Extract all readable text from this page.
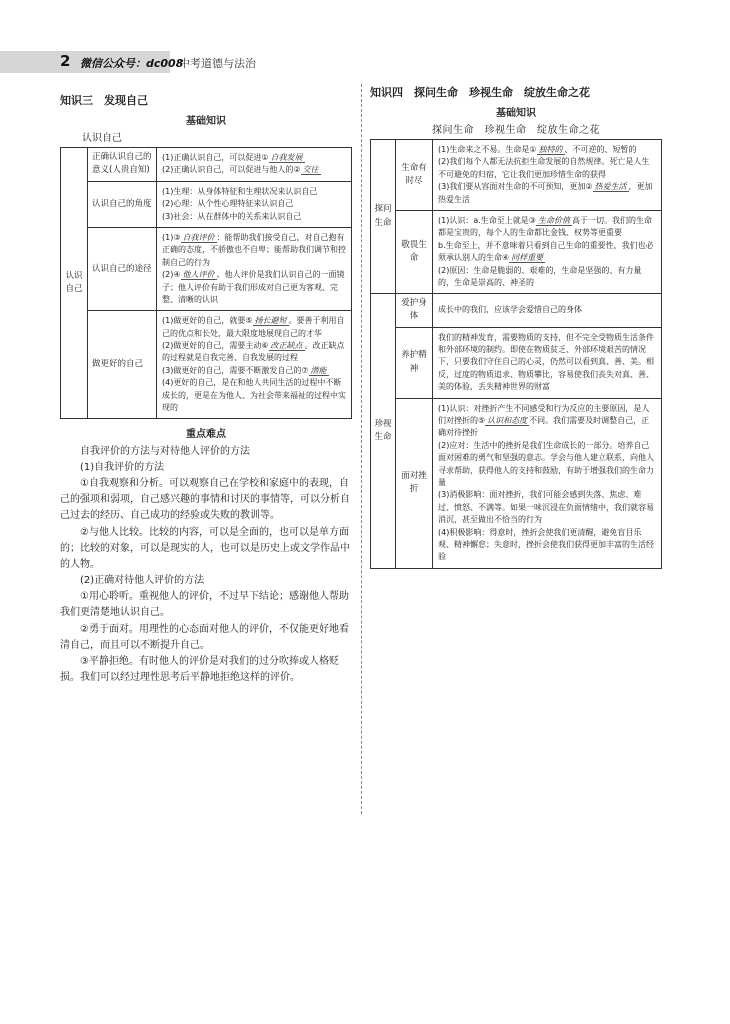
2 微信公众号：dc008
中考道德与法治

知识三　发现自己

基础知识

认识自己

认识自己	正确认识自己的意义(人贵自知)	(1)正确认识自己，可以促进① 自我发展
(2)正确认识自己，可以促进与他人的② 交往

	认识自己的角度	(1)生理：从身体特征和生理状况来认识自己
(2)心理：从个性心理特征来认识自己
(3)社会：从在群体中的关系来认识自己

	认识自己的途径	(1)③ 自我评价 ：能帮助我们接受自己，对自己抱有正确的态度，不骄傲也不自卑；能帮助我们调节和控制自己的行为
(2)④ 他人评价 。他人评价是我们认识自己的一面镜子；他人评价有助于我们形成对自己更为客观、完整、清晰的认识

	做更好的自己	(1)做更好的自己，就要⑤ 扬长避短 。要善于利用自己的优点和长处，最大限度地展现自己的才华
(2)做更好的自己，需要主动⑥ 改正缺点 。改正缺点的过程就是自我完善、自我发展的过程
(3)做更好的自己，需要不断激发自己的⑦ 潜能
(4)更好的自己，是在和他人共同生活的过程中不断成长的，更是在为他人、为社会带来福祉的过程中实现的

重点难点

自我评价的方法与对待他人评价的方法

(1)自我评价的方法

①自我观察和分析。可以观察自己在学校和家庭中的表现，自己的强项和弱项，自己感兴趣的事情和讨厌的事情等，可以分析自己过去的经历、自己成功的经验或失败的教训等。

②与他人比较。比较的内容，可以是全面的，也可以是单方面的；比较的对象，可以是现实的人，也可以是历史上或文学作品中的人物。

(2)正确对待他人评价的方法

①用心聆听。重视他人的评价，不过早下结论；感谢他人帮助我们更清楚地认识自己。

②勇于面对。用理性的心态面对他人的评价，不仅能更好地看清自己，而且可以不断提升自己。

③平静拒绝。有时他人的评价是对我们的过分吹捧或人格贬损。我们可以经过理性思考后平静地拒绝这样的评价。

知识四　探问生命　珍视生命　绽放生命之花

基础知识

探问生命　珍视生命　绽放生命之花

探问生命	生命有时尽	(1)生命来之不易。生命是① 独特的 、不可逆的、短暂的
(2)我们每个人都无法抗拒生命发展的自然规律。死亡是人生不可避免的归宿，它让我们更加珍惜生命的获得
(3)我们要从容面对生命的不可预知，更加② 热爱生活 ，更加热爱生活

	敬畏生命	(1)认识：a.生命至上就是③ 生命价值 高于一切。我们的生命都是宝贵的，每个人的生命都比金钱、权势等更重要
b.生命至上，并不意味着只看到自己生命的重要性，我们也必须承认别人的生命④ 同样重要
(2)原因：生命是脆弱的、艰难的，生命是坚强的、有力量的，生命是崇高的、神圣的

珍视生命	爱护身体	成长中的我们，应该学会爱惜自己的身体

	养护精神	我们的精神发育，需要物质的支持，但不完全受物质生活条件和外部环境的制约。即使在物质贫乏、外部环境艰苦的情况下，只要我们守住自己的心灵，仍然可以看到真、善、美。相反，过度的物质追求、物质攀比，容易使我们丧失对真、善、美的体验，丢失精神世界的财富

	面对挫折	(1)认识：对挫折产生不同感受和行为反应的主要原因，是人们对挫折的⑤ 认识和态度 不同。我们需要及时调整自己，正确对待挫折
(2)应对：生活中的挫折是我们生命成长的一部分。培养自己面对困难的勇气和坚强的意志。学会与他人建立联系，向他人寻求帮助，获得他人的支持和鼓励，有助于增强我们的生命力量
(3)消极影响：面对挫折，我们可能会感到失落、焦虑、难过、愤怒、不满等。如果一味沉浸在负面情绪中，我们就容易消沉，甚至做出不恰当的行为
(4)积极影响：得意时，挫折会使我们更清醒，避免盲目乐观、精神懈怠；失意时，挫折会使我们获得更加丰富的生活经验
